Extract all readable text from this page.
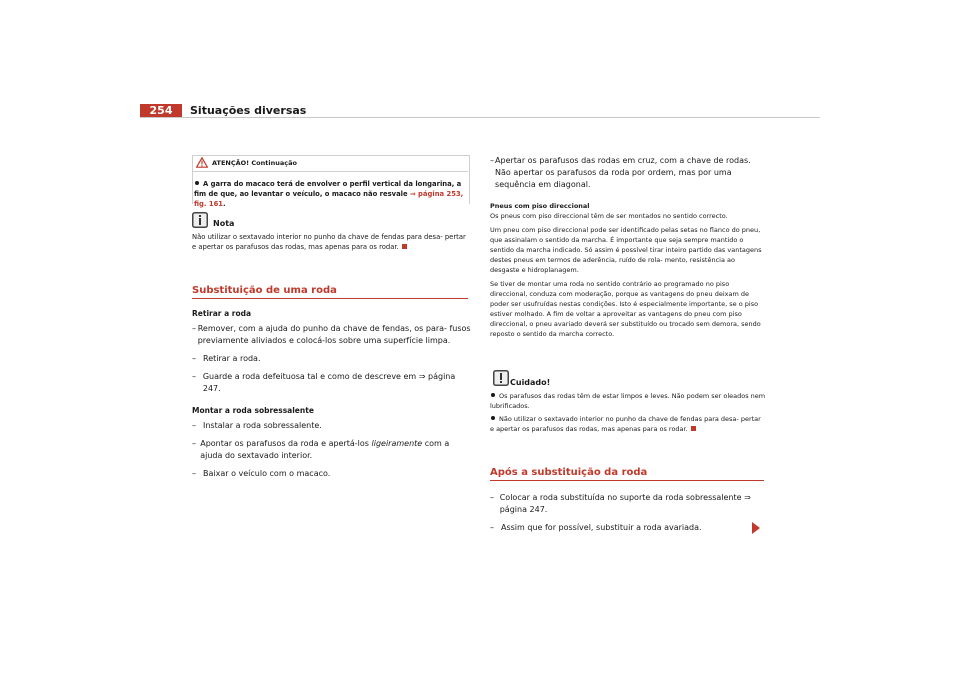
254	Situações diversas
ATENÇÃO! Continuação
A garra do macaco terá de envolver o perfil vertical da longarina, a fim de que, ao levantar o veículo, o macaco não resvale ⇒ página 253, fig. 161.
Nota
Não utilizar o sextavado interior no punho da chave de fendas para desa- pertar e apertar os parafusos das rodas, mas apenas para os rodar.
Substituição de uma roda
Retirar a roda
– Remover, com a ajuda do punho da chave de fendas, os para- fusos previamente aliviados e colocá-los sobre uma superfície limpa.
– Retirar a roda.
– Guarde a roda defeituosa tal e como de descreve em ⇒ página 247.
Montar a roda sobressalente
– Instalar a roda sobressalente.
– Apontar os parafusos da roda e apertá-los ligeiramente com a ajuda do sextavado interior.
– Baixar o veículo com o macaco.
– Apertar os parafusos das rodas em cruz, com a chave de rodas. Não apertar os parafusos da roda por ordem, mas por uma sequência em diagonal.
Pneus com piso direccional
Os pneus com piso direccional têm de ser montados no sentido correcto.
Um pneu com piso direccional pode ser identificado pelas setas no flanco do pneu, que assinalam o sentido da marcha. É importante que seja sempre mantido o sentido da marcha indicado. Só assim é possível tirar inteiro partido das vantagens destes pneus em termos de aderência, ruído de rola- mento, resistência ao desgaste e hidroplanagem.
Se tiver de montar uma roda no sentido contrário ao programado no piso direccional, conduza com moderação, porque as vantagens do pneu deixam de poder ser usufruídas nestas condições. Isto é especialmente importante, se o piso estiver molhado. A fim de voltar a aproveitar as vantagens do pneu com piso direccional, o pneu avariado deverá ser substituído ou trocado sem demora, sendo reposto o sentido da marcha correcto.
Cuidado!
Os parafusos das rodas têm de estar limpos e leves. Não podem ser oleados nem lubrificados.
Não utilizar o sextavado interior no punho da chave de fendas para desa- pertar e apertar os parafusos das rodas, mas apenas para os rodar.
Após a substituição da roda
– Colocar a roda substituída no suporte da roda sobressalente ⇒ página 247.
– Assim que for possível, substituir a roda avariada.
